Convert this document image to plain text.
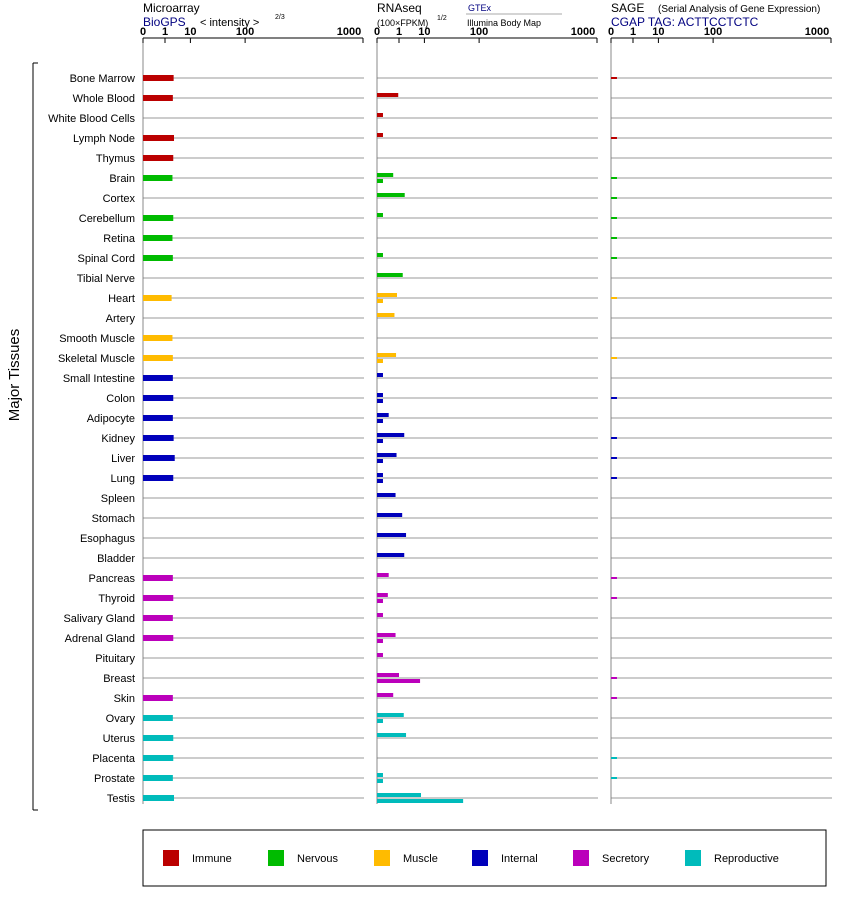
Microarray
BioGPS < intensity > 2/3
RNAseq
(100×FPKM) 1/2
GTEx
Illumina Body Map
SAGE (Serial Analysis of Gene Expression)
CGAP TAG: ACTTCCTCTC
Major Tissues
0 1 10	100	1000 0 1 10	100	1000 0 1 10	100	1000
Bone Marrow
Whole Blood
White Blood Cells
Lymph Node
Thymus
Brain
Cortex
Cerebellum
Retina
Spinal Cord
Tibial Nerve
Heart
Artery
Smooth Muscle
Skeletal Muscle
Small Intestine
Colon
Adipocyte
Kidney
Liver
Lung
Spleen
Stomach
Esophagus
Bladder
Pancreas
Thyroid
Salivary Gland
Adrenal Gland
Pituitary
Breast
Skin
Ovary
Uterus
Placenta
Prostate
Testis
Immune	Nervous	Muscle	Internal	Secretory	Reproductive
